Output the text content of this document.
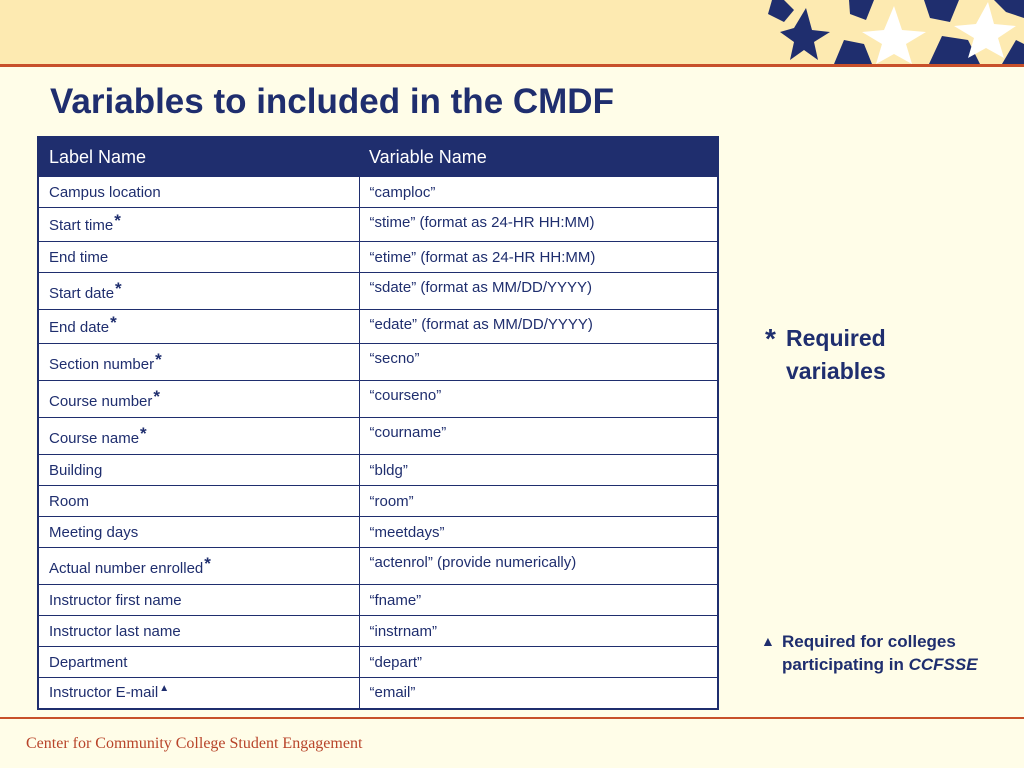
Variables to included in the CMDF
Label Name	Variable Name
Campus location	“camploc”
Start time*	“stime” (format as 24-HR HH:MM)
End time	“etime” (format as 24-HR HH:MM)
Start date*	“sdate” (format as MM/DD/YYYY)
End date*	“edate” (format as MM/DD/YYYY)
Section number*	“secno”
Course number*	“courseno”
Course name*	“courname”
Building	“bldg”
Room	“room”
Meeting days	“meetdays”
Actual number enrolled*	“actenrol” (provide numerically)
Instructor first name	“fname”
Instructor last name	“instrnam”
Department	“depart”
Instructor E-mail▲	“email”
* Required variables
▲ Required for colleges participating in CCFSSE
Center for Community College Student Engagement
